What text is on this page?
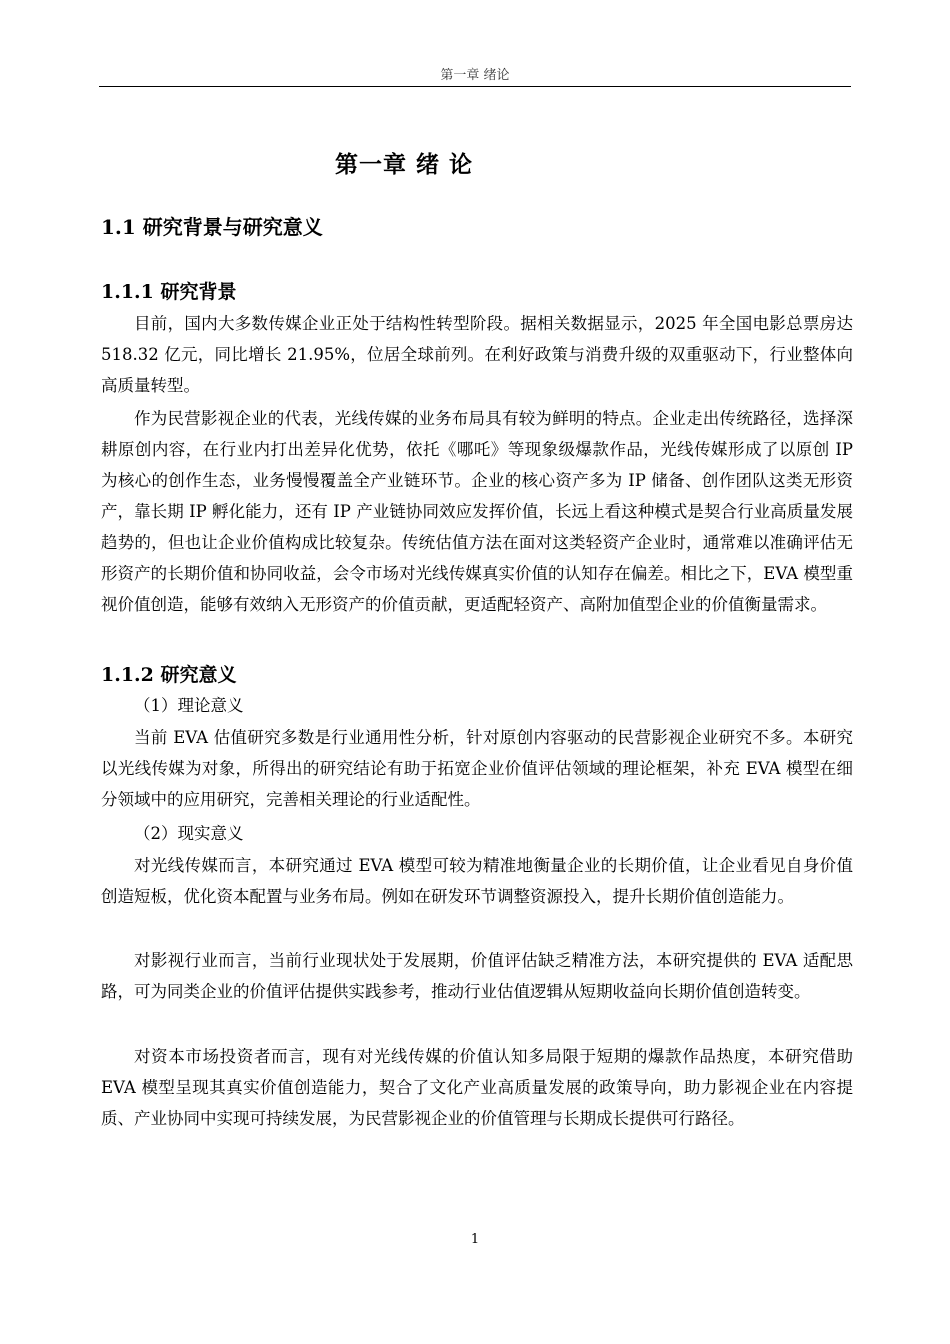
第一章 绪论
第一章 绪 论
1.1 研究背景与研究意义
1.1.1 研究背景

目前，国内大多数传媒企业正处于结构性转型阶段。据相关数据显示，2025 年全国电影总票房达 518.32 亿元，同比增长 21.95%，位居全球前列。在利好政策与消费升级的双重驱动下，行业整体向高质量转型。

作为民营影视企业的代表，光线传媒的业务布局具有较为鲜明的特点。企业走出传统路径，选择深耕原创内容，在行业内打出差异化优势，依托《哪吒》等现象级爆款作品，光线传媒形成了以原创 IP 为核心的创作生态，业务慢慢覆盖全产业链环节。企业的核心资产多为 IP 储备、创作团队这类无形资产，靠长期 IP 孵化能力，还有 IP 产业链协同效应发挥价值，长远上看这种模式是契合行业高质量发展趋势的，但也让企业价值构成比较复杂。传统估值方法在面对这类轻资产企业时，通常难以准确评估无形资产的长期价值和协同收益，会令市场对光线传媒真实价值的认知存在偏差。相比之下，EVA 模型重视价值创造，能够有效纳入无形资产的价值贡献，更适配轻资产、高附加值型企业的价值衡量需求。

1.1.2 研究意义
（1）理论意义

当前 EVA 估值研究多数是行业通用性分析，针对原创内容驱动的民营影视企业研究不多。本研究以光线传媒为对象，所得出的研究结论有助于拓宽企业价值评估领域的理论框架，补充 EVA 模型在细分领域中的应用研究，完善相关理论的行业适配性。

（2）现实意义

对光线传媒而言，本研究通过 EVA 模型可较为精准地衡量企业的长期价值，让企业看见自身价值创造短板，优化资本配置与业务布局。例如在研发环节调整资源投入，提升长期价值创造能力。

对影视行业而言，当前行业现状处于发展期，价值评估缺乏精准方法，本研究提供的 EVA 适配思路，可为同类企业的价值评估提供实践参考，推动行业估值逻辑从短期收益向长期价值创造转变。

对资本市场投资者而言，现有对光线传媒的价值认知多局限于短期的爆款作品热度，本研究借助 EVA 模型呈现其真实价值创造能力，契合了文化产业高质量发展的政策导向，助力影视企业在内容提质、产业协同中实现可持续发展，为民营影视企业的价值管理与长期成长提供可行路径。

1
